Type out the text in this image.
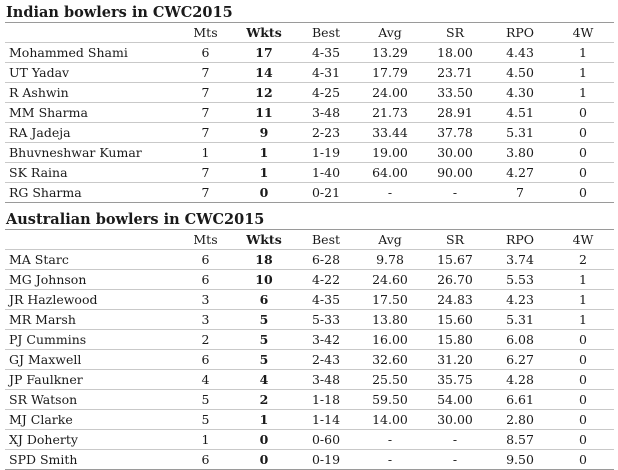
Indian bowlers in CWC2015
	Mts	Wkts	Best	Avg	SR	RPO	4W
Mohammed Shami	6	17	4-35	13.29	18.00	4.43	1
UT Yadav	7	14	4-31	17.79	23.71	4.50	1
R Ashwin	7	12	4-25	24.00	33.50	4.30	1
MM Sharma	7	11	3-48	21.73	28.91	4.51	0
RA Jadeja	7	9	2-23	33.44	37.78	5.31	0
Bhuvneshwar Kumar	1	1	1-19	19.00	30.00	3.80	0
SK Raina	7	1	1-40	64.00	90.00	4.27	0
RG Sharma	7	0	0-21	-	-	7	0
Australian bowlers in CWC2015
	Mts	Wkts	Best	Avg	SR	RPO	4W
MA Starc	6	18	6-28	9.78	15.67	3.74	2
MG Johnson	6	10	4-22	24.60	26.70	5.53	1
JR Hazlewood	3	6	4-35	17.50	24.83	4.23	1
MR Marsh	3	5	5-33	13.80	15.60	5.31	1
PJ Cummins	2	5	3-42	16.00	15.80	6.08	0
GJ Maxwell	6	5	2-43	32.60	31.20	6.27	0
JP Faulkner	4	4	3-48	25.50	35.75	4.28	0
SR Watson	5	2	1-18	59.50	54.00	6.61	0
MJ Clarke	5	1	1-14	14.00	30.00	2.80	0
XJ Doherty	1	0	0-60	-	-	8.57	0
SPD Smith	6	0	0-19	-	-	9.50	0
